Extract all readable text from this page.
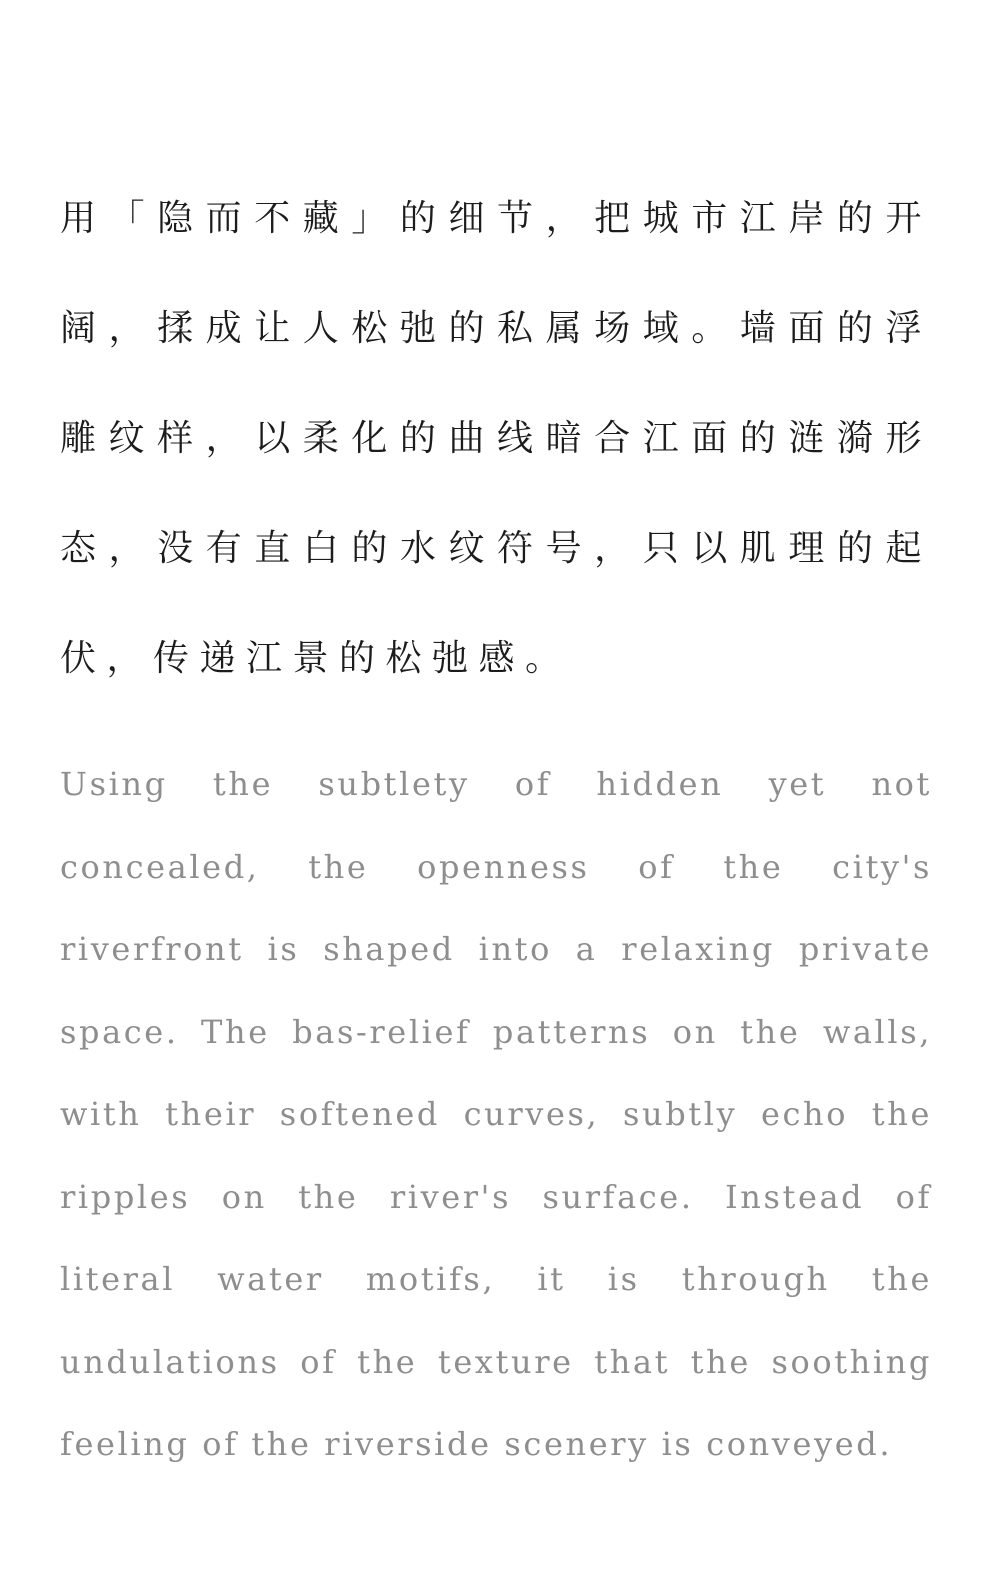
用「隐而不藏」的细节，把城市江岸的开阔，揉成让人松弛的私属场域。墙面的浮雕纹样，以柔化的曲线暗合江面的涟漪形态，没有直白的水纹符号，只以肌理的起伏，传递江景的松弛感。

Using the subtlety of hidden yet not concealed, the openness of the city's riverfront is shaped into a relaxing private space. The bas-relief patterns on the walls, with their softened curves, subtly echo the ripples on the river's surface. Instead of literal water motifs, it is through the undulations of the texture that the soothing feeling of the riverside scenery is conveyed.
